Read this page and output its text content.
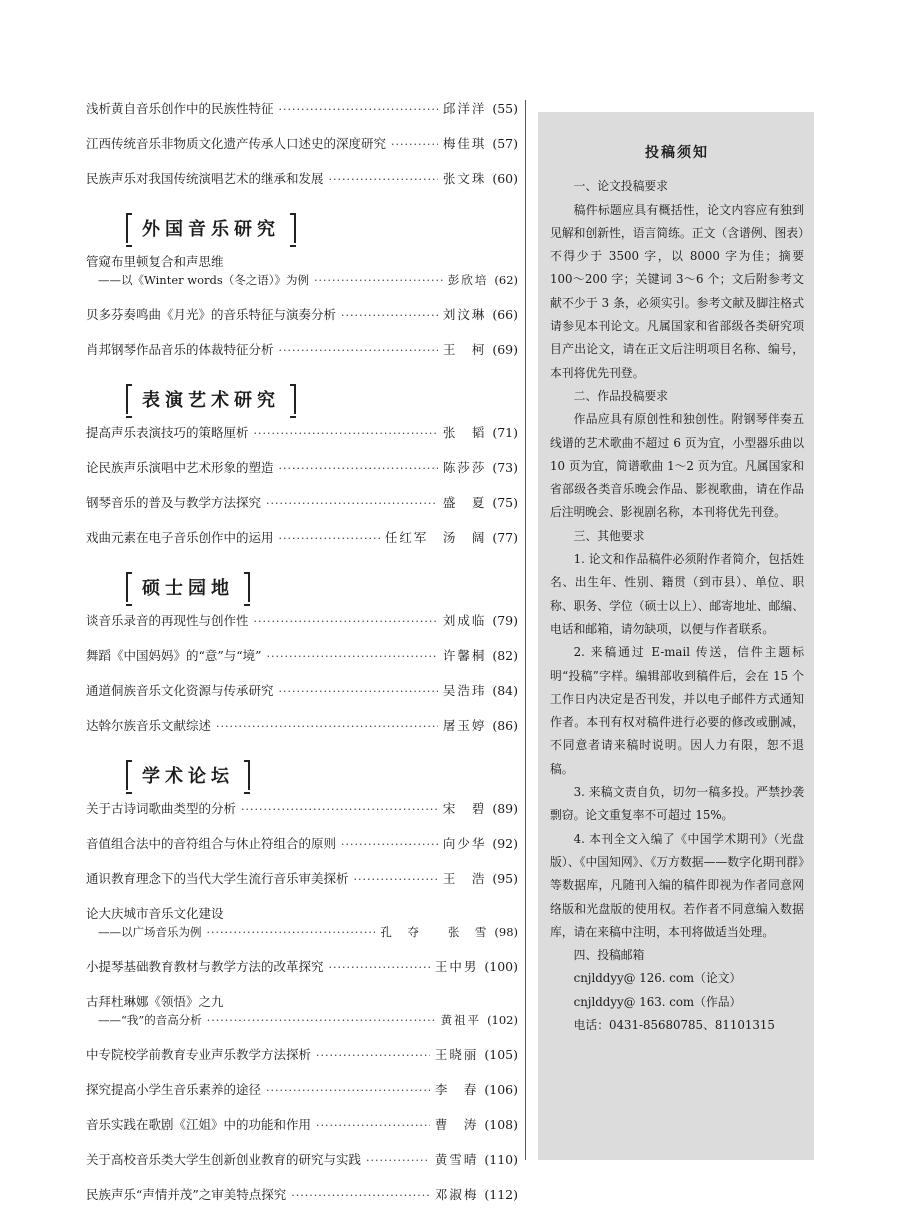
浅析黄自音乐创作中的民族性特征 ·····	邱洋洋 (55)
江西传统音乐非物质文化遗产传承人口述史的深度研究 ·····	梅佳琪 (57)
民族声乐对我国传统演唱艺术的继承和发展 ·····	张文珠 (60)
外国音乐研究
管窥布里顿复合和声思维
——以《Winter words（冬之语）》为例 ·····	彭欣培 (62)
贝多芬奏鸣曲《月光》的音乐特征与演奏分析 ·····	刘汶琳 (66)
肖邦钢琴作品音乐的体裁特征分析 ·····	王　柯 (69)
表演艺术研究
提高声乐表演技巧的策略厘析 ·····	张　韬 (71)
论民族声乐演唱中艺术形象的塑造 ·····	陈莎莎 (73)
钢琴音乐的普及与教学方法探究 ·····	盛　夏 (75)
戏曲元素在电子音乐创作中的运用 ·····	任红军　汤　阔 (77)
硕士园地
谈音乐录音的再现性与创作性 ·····	刘成临 (79)
舞蹈《中国妈妈》的“意”与“境” ·····	许馨桐 (82)
通道侗族音乐文化资源与传承研究 ·····	吴浩玮 (84)
达斡尔族音乐文献综述 ·····	屠玉婷 (86)
学术论坛
关于古诗词歌曲类型的分析 ·····	宋　碧 (89)
音值组合法中的音符组合与休止符组合的原则 ·····	向少华 (92)
通识教育理念下的当代大学生流行音乐审美探析 ·····	王　浩 (95)
论大庆城市音乐文化建设
——以广场音乐为例 ·····	孔　夺　　张　雪 (98)
小提琴基础教育教材与教学方法的改革探究 ·····	王中男 (100)
古拜杜琳娜《领悟》之九
——“我”的音高分析 ·····	黄祖平 (102)
中专院校学前教育专业声乐教学方法探析 ·····	王晓丽 (105)
探究提高小学生音乐素养的途径 ·····	李　春 (106)
音乐实践在歌剧《江姐》中的功能和作用 ·····	曹　涛 (108)
关于高校音乐类大学生创新创业教育的研究与实践 ·····	黄雪晴 (110)
民族声乐“声情并茂”之审美特点探究 ·····	邓淑梅 (112)
投稿须知
一、论文投稿要求

稿件标题应具有概括性，论文内容应有独到见解和创新性，语言简练。正文（含谱例、图表）不得少于 3500 字，以 8000 字为佳；摘要 100～200 字；关键词 3～6 个；文后附参考文献不少于 3 条，必须实引。参考文献及脚注格式请参见本刊论文。凡属国家和省部级各类研究项目产出论文，请在正文后注明项目名称、编号，本刊将优先刊登。

二、作品投稿要求

作品应具有原创性和独创性。附钢琴伴奏五线谱的艺术歌曲不超过 6 页为宜，小型器乐曲以 10 页为宜，简谱歌曲 1～2 页为宜。凡属国家和省部级各类音乐晚会作品、影视歌曲，请在作品后注明晚会、影视剧名称，本刊将优先刊登。

三、其他要求

1. 论文和作品稿件必须附作者简介，包括姓名、出生年、性别、籍贯（到市县）、单位、职称、职务、学位（硕士以上）、邮寄地址、邮编、电话和邮箱，请勿缺项，以便与作者联系。

2. 来稿通过 E-mail 传送，信件主题标明“投稿”字样。编辑部收到稿件后，会在 15 个工作日内决定是否刊发，并以电子邮件方式通知作者。本刊有权对稿件进行必要的修改或删减，不同意者请来稿时说明。因人力有限，恕不退稿。

3. 来稿文责自负，切勿一稿多投。严禁抄袭剽窃。论文重复率不可超过 15%。

4. 本刊全文入编了《中国学术期刊》（光盘版）、《中国知网》、《万方数据——数字化期刊群》等数据库，凡随刊入编的稿件即视为作者同意网络版和光盘版的使用权。若作者不同意编入数据库，请在来稿中注明，本刊将做适当处理。

四、投稿邮箱
cnjlddyy@ 126. com（论文）
cnjlddyy@ 163. com（作品）
电话：0431-85680785、81101315
